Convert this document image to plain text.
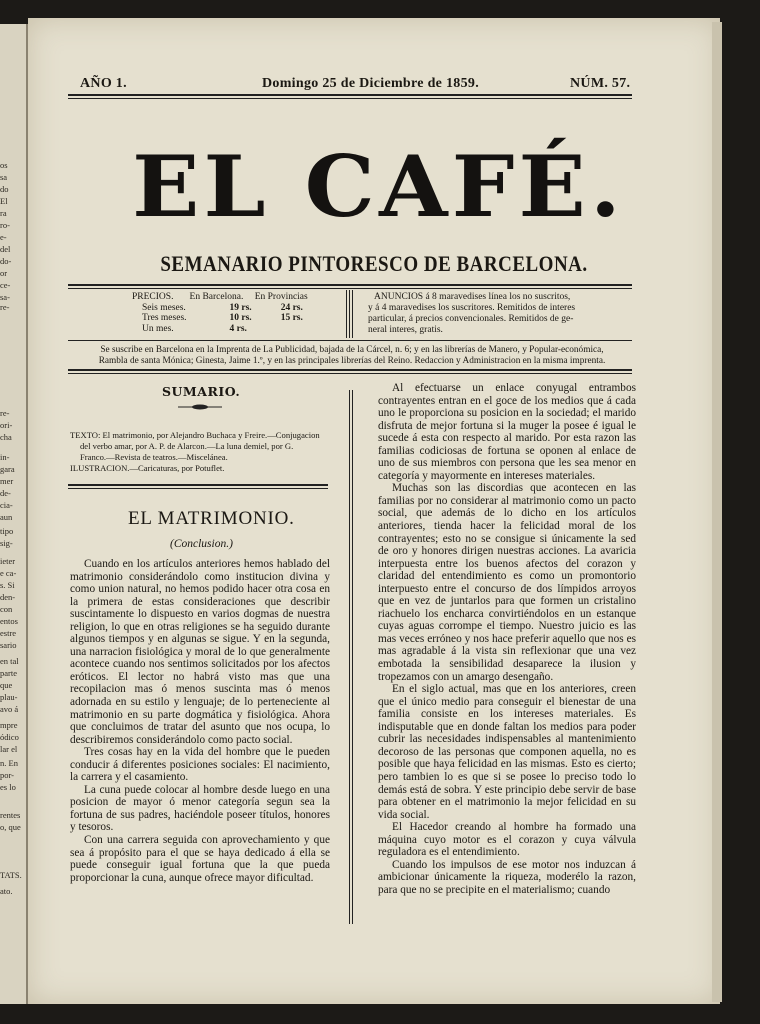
os
sa
do
El
ra
ro-
e-
del
do-
or
ce-
sa-
re-
re-
ori-
cha
in-
gara
mer
de-
cia-
aun
tipo
sig-
ieter
e ca-
s. Si
den-
con
entos
estre
sario
en tal
parte
que
plau-
avo á
mpre
ódico
lar el
n. En
por-
es lo
rentes
o, que
TATS.
ato.
AÑO 1.	Domingo 25 de Diciembre de 1859.	NÚM. 57.
EL CAFÉ.
SEMANARIO PINTORESCO DE BARCELONA.
PRECIOS.	En Barcelona.	En Provincias
Seis meses.	19 rs.	24 rs.
Tres meses.	10 rs.	15 rs.
Un mes.	4 rs.	
ANUNCIOS á 8 maravedises línea los no suscritos,
y á 4 maravedises los suscritores. Remitidos de interes
particular, á precios convencionales. Remitidos de ge-
neral interes, gratis.
Se suscribe en Barcelona en la Imprenta de La Publicidad, bajada de la Cárcel, n. 6; y en las librerías de Manero, y Popular-económica,
Rambla de santa Mónica; Ginesta, Jaime 1.º, y en las principales librerías del Reino. Redaccion y Administracion en la misma imprenta.
SUMARIO.
TEXTO: El matrimonio, por Alejandro Buchaca y Freire.—Conjugacion
del verbo amar, por A. P. de Alarcon.—La luna demiel, por G.
Franco.—Revista de teatros.—Miscelánea.
ILUSTRACION.—Caricaturas, por Potuflet.
EL MATRIMONIO.
(Conclusion.)

Cuando en los artículos anteriores hemos hablado del matrimonio considerándolo como institucion divina y como union natural, no hemos podido hacer otra cosa en la primera de estas consideraciones que describir suscintamente lo dispuesto en varios dogmas de nuestra religion, lo que en otras religiones se ha seguido durante algunos tiempos y en algunas se sigue. Y en la segunda, una narracion fisiológica y moral de lo que generalmente acontece cuando nos sentimos solicitados por los afectos eróticos. El lector no habrá visto mas que una recopilacion mas ó menos suscinta mas ó menos adornada en su estilo y lenguaje; de lo perteneciente al matrimonio en su parte dogmática y fisiológica. Ahora que concluimos de tratar del asunto que nos ocupa, lo describiremos considerándolo como pacto social.

Tres cosas hay en la vida del hombre que le pueden conducir á diferentes posiciones sociales: El nacimiento, la carrera y el casamiento.

La cuna puede colocar al hombre desde luego en una posicion de mayor ó menor categoría segun sea la fortuna de sus padres, haciéndole poseer títulos, honores y tesoros.

Con una carrera seguida con aprovechamiento y que sea á propósito para el que se haya dedicado á ella se puede conseguir igual fortuna que la que pueda proporcionar la cuna, aunque ofrece mayor dificultad.

Al efectuarse un enlace conyugal entrambos contrayentes entran en el goce de los medios que á cada uno le proporciona su posicion en la sociedad; el marido disfruta de mejor fortuna si la muger la posee é igual le sucede á esta con respecto al marido. Por esta razon las familias codiciosas de fortuna se oponen al enlace de uno de sus miembros con persona que les sea menor en categoría y mayormente en intereses materiales.

Muchas son las discordias que acontecen en las familias por no considerar al matrimonio como un pacto social, que además de lo dicho en los artículos anteriores, tienda hacer la felicidad moral de los contrayentes; esto no se consigue si únicamente la sed de oro y honores dirigen nuestras acciones. La avaricia interpuesta entre los buenos afectos del corazon y claridad del entendimiento es como un promontorio interpuesto entre el concurso de dos límpidos arroyos que en vez de juntarlos para que formen un cristalino riachuelo los encharca convirtiéndolos en un estanque cuyas aguas corrompe el tiempo. Nuestro juicio es las mas veces erróneo y nos hace preferir aquello que nos es mas agradable á la vista sin reflexionar que una vez embotada la sensibilidad desaparece la ilusion y tropezamos con un amargo desengaño.

En el siglo actual, mas que en los anteriores, creen que el único medio para conseguir el bienestar de una familia consiste en los intereses materiales. Es indisputable que en donde faltan los medios para poder cubrir las necesidades indispensables al mantenimiento decoroso de las personas que componen aquella, no es posible que haya felicidad en las mismas. Esto es cierto; pero tambien lo es que si se posee lo preciso todo lo demás está de sobra. Y este principio debe servir de base para obtener en el matrimonio la mejor felicidad en su vida social.

El Hacedor creando al hombre ha formado una máquina cuyo motor es el corazon y cuya válvula reguladora es el entendimiento.

Cuando los impulsos de ese motor nos induzcan á ambicionar únicamente la riqueza, moderélo la razon, para que no se precipite en el materialismo; cuando
